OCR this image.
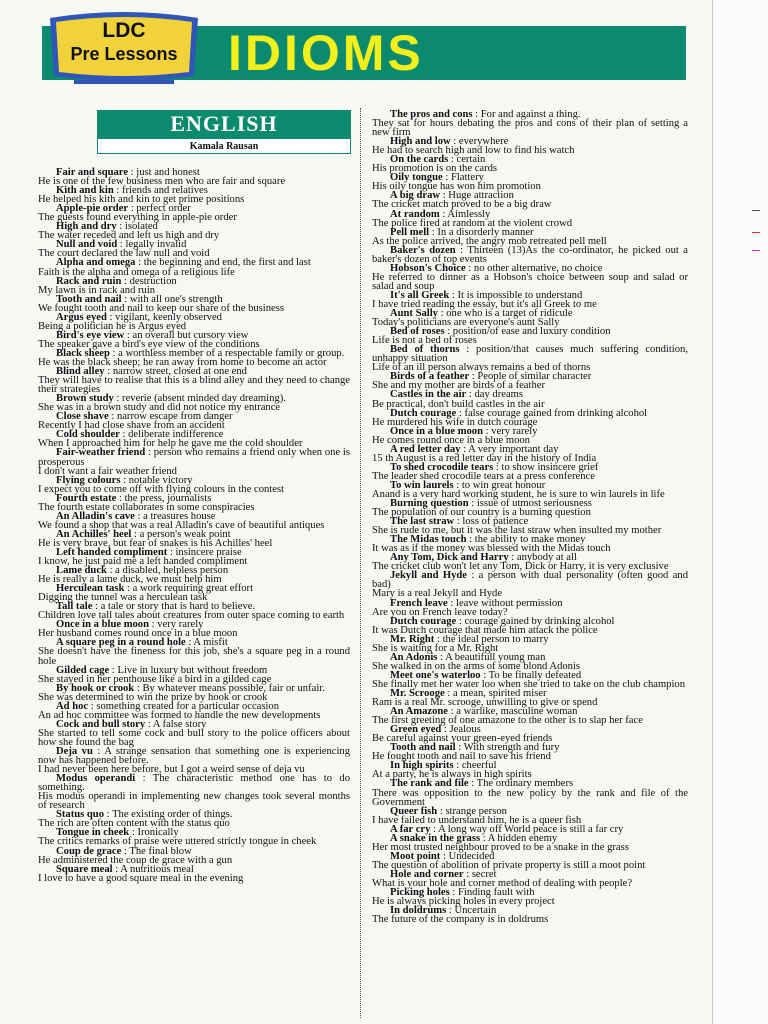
LDC
Pre Lessons	IDIOMS
ENGLISH
Kamala Rausan
Fair and square : just and honest
He is one of the few business men who are fair and square
Kith and kin : friends and relatives
He helped his kith and kin to get prime positions
Apple-pie order : perfect order
The guests found everything in apple-pie order
High and dry : isolated
The water receded and left us high and dry
Null and void : legally invalid
The court declared the law null and void
Alpha and omega : the beginning and end, the first and last
Faith is the alpha and omega of a religious life
Rack and ruin : destruction
My lawn is in rack and ruin
Tooth and nail : with all one's strength
We fought tooth and nail to keep our share of the business
Argus eyed : vigilant, keenly observed
Being a politician he is Argus eyed
Bird's eye view : an overall but cursory view
The speaker gave a bird's eye view of the conditions
Black sheep : a worthless member of a respectable family or group.
He was the black sheep; he ran away from home to become an actor
Blind alley : narrow street, closed at one end
They will have to realise that this is a blind alley and they need to change their strategies
Brown study : reverie (absent minded day dreaming).
She was in a brown study and did not notice my entrance
Close shave : narrow escape from danger
Recently I had close shave from an accident
Cold shoulder : deliberate indifference
When I approached him for help he gave me the cold shoulder
Fair-weather friend : person who remains a friend only when one is prosperous
I don't want a fair weather friend
Flying colours : notable victory
I expect you to come off with flying colours in the contest
Fourth estate : the press, journalists
The fourth estate collaborates in some conspiracies
An Alladin's cave : a treasures house
We found a shop that was a real Alladin's cave of beautiful antiques
An Achilles' heel : a person's weak point
He is very brave, but fear of snakes is his Achilles' heel
Left handed compliment : insincere praise
I know, he just paid me a left handed compliment
Lame duck : a disabled, helpless person
He is really a lame duck, we must help him
Herculean task : a work requiring great effort
Digging the tunnel was a herculean task
Tall tale : a tale or story that is hard to believe.
Children love tall tales about creatures from outer space coming to earth
Once in a blue moon : very rarely
Her husband comes round once in a blue moon
A square peg in a round hole : A misfit
She doesn't have the fineness for this job, she's a square peg in a round hole
Gilded cage : Live in luxury but without freedom
She stayed in her penthouse like a bird in a gilded cage
By hook or crook : By whatever means possible, fair or unfair.
She was determined to win the prize by hook or crook
Ad hoc : something created for a particular occasion
An ad hoc committee was formed to handle the new developments
Cock and bull story : A false story
She started to tell some cock and bull story to the police officers about how she found the bag
Deja vu : A strange sensation that something one is experiencing now has happened before.
I had never been here before, but I got a weird sense of deja vu
Modus operandi : The characteristic method one has to do something.
His modus operandi in implementing new changes took several months of research
Status quo : The existing order of things.
The rich are often content with the status quo
Tongue in cheek : Ironically
The critics remarks of praise were uttered strictly tongue in cheek
Coup de grace : The final blow
He administered the coup de grace with a gun
Square meal : A nutritious meal
I love to have a good square meal in the evening
The pros and cons : For and against a thing.
They sat for hours debating the pros and cons of their plan of setting a new firm
High and low : everywhere
He had to search high and low to find his watch
On the cards : certain
His promotion is on the cards
Oily tongue : Flattery
His oily tongue has won him promotion
A big draw : Huge attraction
The cricket match proved to be a big draw
At random : Aimlessly
The police fired at random at the violent crowd
Pell mell : In a disorderly manner
As the police arrived, the angry mob retreated pell mell
Baker's dozen : Thirteen (13)As the co-ordinator, he picked out a baker's dozen of top events
Hobson's Choice : no other alternative, no choice
He referred to dinner as a Hobson's choice between soup and salad or salad and soup
It's all Greek : It is impossible to understand
I have tried reading the essay, but it's all Greek to me
Aunt Sally : one who is a target of ridicule
Today's politicians are everyone's aunt Sally
Bed of roses : position/of ease and luxury condition
Life is not a bed of roses
Bed of thorns : position/that causes much suffering condition, unhappy situation
Life of an ill person always remains a bed of thorns
Birds of a feather : People of similar character
She and my mother are birds of a feather
Castles in the air : day dreams
Be practical, don't build castles in the air
Dutch courage : false courage gained from drinking alcohol
He murdered his wife in dutch courage
Once in a blue moon : very rarely
He comes round once in a blue moon
A red letter day : A very important day
15 th August is a red letter day in the history of India
To shed crocodile tears : to show insincere grief
The leader shed crocodile tears at a press conference
To win laurels : to win great honour
Anand is a very hard working student, he is sure to win laurels in life
Burning question : issue of utmost seriousness
The population of our country is a burning question
The last straw : loss of patience
She is rude to me, but it was the last straw when insulted my mother
The Midas touch : the ability to make money
It was as if the money was blessed with the Midas touch
Any Tom, Dick and Harry : anybody at all
The cricket club won't let any Tom, Dick or Harry, it is very exclusive
Jekyll and Hyde : a person with dual personality (often good and bad)
Mary is a real Jekyll and Hyde
French leave : leave without permission
Are you on French leave today?
Dutch courage : courage gained by drinking alcohol
It was Dutch courage that made him attack the police
Mr. Right : the ideal person to marry
She is waiting for a Mr. Right
An Adonis : A beautifull young man
She walked in on the arms of some blond Adonis
Meet one's waterloo : To be finally defeated
She finally met her water loo when she tried to take on the club champion
Mr. Scrooge : a mean, spirited miser
Ram is a real Mr. scrooge, unwilling to give or spend
An Amazone : a warlike, masculine woman
The first greeting of one amazone to the other is to slap her face
Green eyed : Jealous
Be careful against your green-eyed friends
Tooth and nail : With strength and fury
He fought tooth and nail to save his friend
In high spirits : cheerful
At a party, he is always in high spirits
The rank and file : The ordinary members
There was opposition to the new policy by the rank and file of the Government
Queer fish : strange person
I have failed to understand him, he is a queer fish
A far cry : A long way off World peace is still a far cry
A snake in the grass : A hidden enemy
Her most trusted neighbour proved to be a snake in the grass
Moot point : Undecided
The question of abolition of private property is still a moot point
Hole and corner : secret
What is your hole and corner method of dealing with people?
Picking holes : Finding fault with
He is always picking holes in every project
In doldrums : Uncertain
The future of the company is in doldrums
